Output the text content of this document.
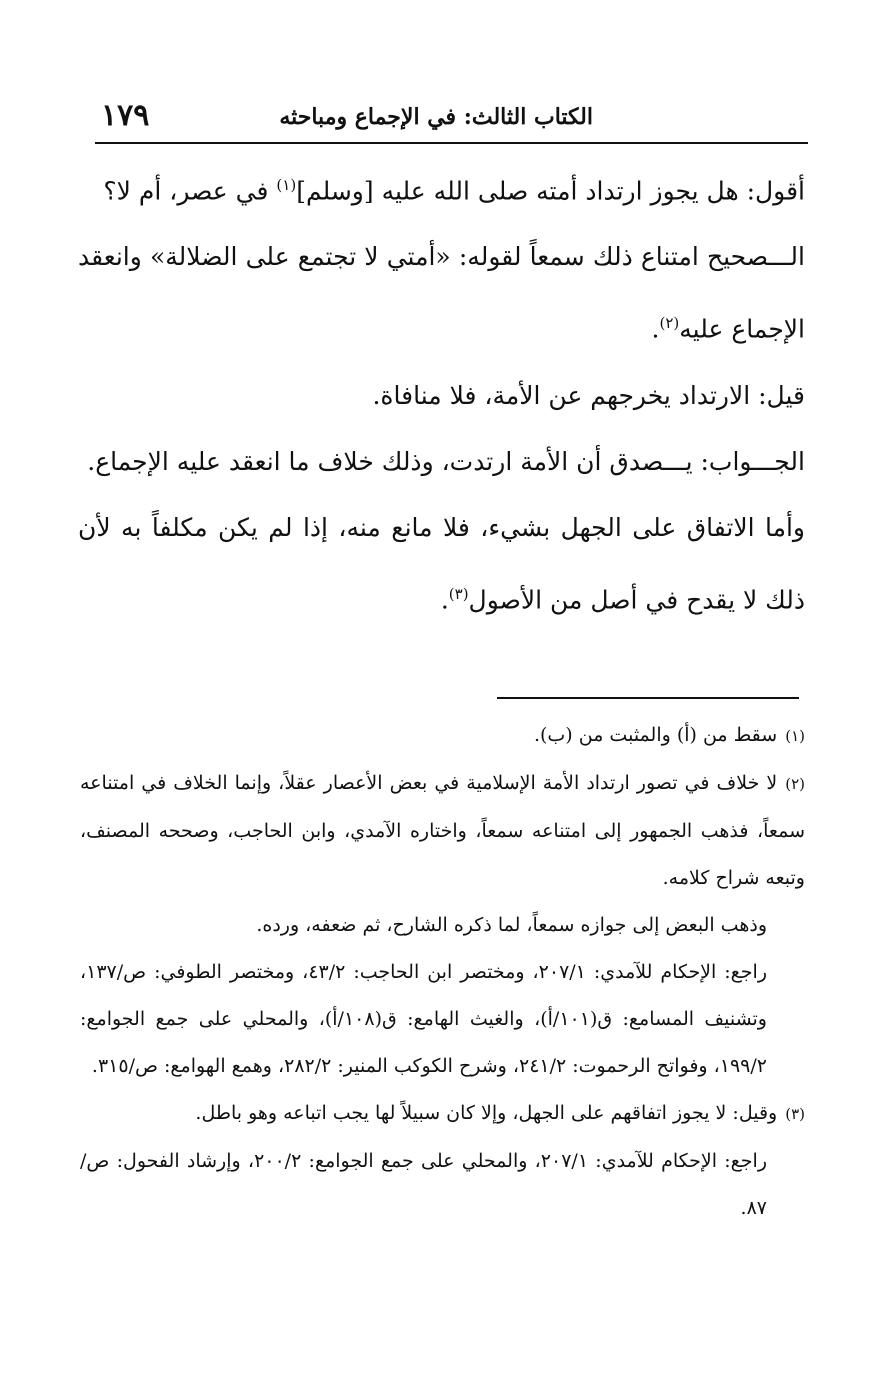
١٧٩	الكتاب الثالث: في الإجماع ومباحثه

أقول: هل يجوز ارتداد أمته صلى الله عليه [وسلم]$^{(١)}$ في عصر، أم لا؟

الـــصحيح امتناع ذلك سمعاً لقوله: «أمتي لا تجتمع على الضلالة» وانعقد الإجماع عليه$^{(٢)}$.

قيل: الارتداد يخرجهم عن الأمة، فلا منافاة.

الجـــواب: يـــصدق أن الأمة ارتدت، وذلك خلاف ما انعقد عليه الإجماع.

وأما الاتفاق على الجهل بشيء، فلا مانع منه، إذا لم يكن مكلفاً به لأن ذلك لا يقدح في أصل من الأصول$^{(٣)}$.

(١)سقط من (أ) والمثبت من (ب).

(٢)لا خلاف في تصور ارتداد الأمة الإسلامية في بعض الأعصار عقلاً، وإنما الخلاف في امتناعه سمعاً، فذهب الجمهور إلى امتناعه سمعاً، واختاره الآمدي، وابن الحاجب، وصححه المصنف، وتبعه شراح كلامه.

وذهب البعض إلى جوازه سمعاً، لما ذكره الشارح، ثم ضعفه، ورده.

راجع: الإحكام للآمدي: ٢٠٧/١، ومختصر ابن الحاجب: ٤٣/٢، ومختصر الطوفي: ص/١٣٧، وتشنيف المسامع: ق(١٠١/أ)، والغيث الهامع: ق(١٠٨/أ)، والمحلي على جمع الجوامع: ١٩٩/٢، وفواتح الرحموت: ٢٤١/٢، وشرح الكوكب المنير: ٢٨٢/٢، وهمع الهوامع: ص/٣١٥.

(٣)وقيل: لا يجوز اتفاقهم على الجهل، وإلا كان سبيلاً لها يجب اتباعه وهو باطل.

راجع: الإحكام للآمدي: ٢٠٧/١، والمحلي على جمع الجوامع: ٢٠٠/٢، وإرشاد الفحول: ص/٨٧.
